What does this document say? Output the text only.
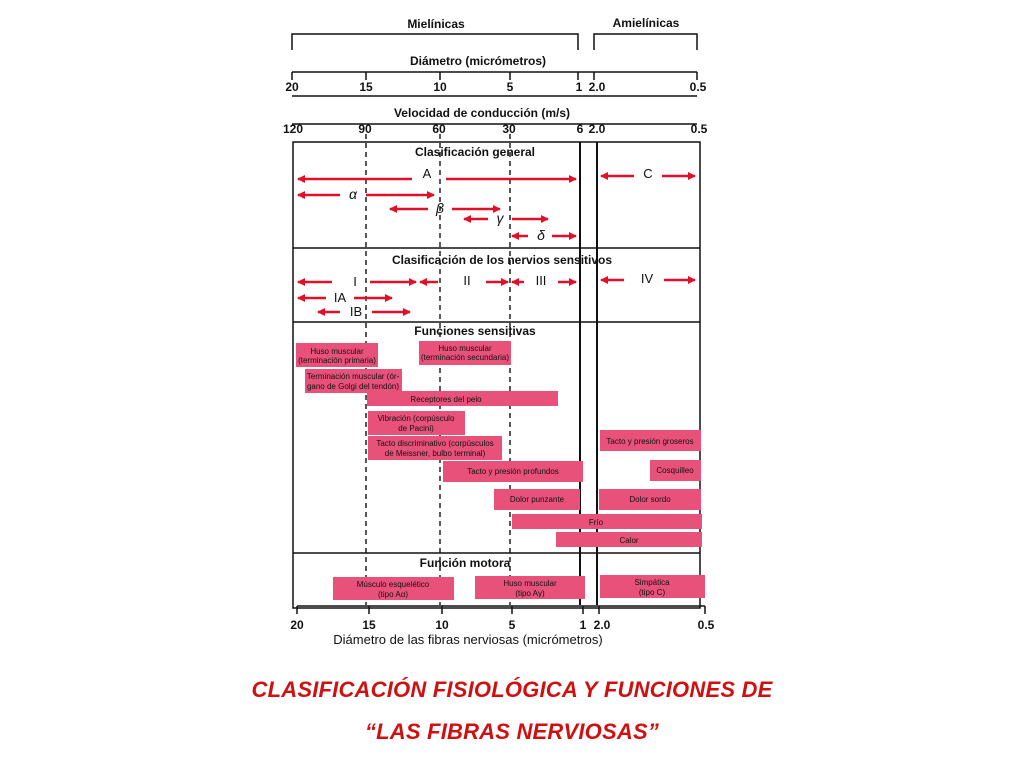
Mielínicas	Amielínicas
Diámetro (micrómetros)
20	15	10	5	1 2.0	0.5
Velocidad de conducción (m/s)
120	90	60	30	6 2.0	0.5
Clasificación general
A	C
α
β
γ
δ
Clasificación de los nervios sensitivos
I	II	III	IV
IA
IB
Funciones sensitivas
Huso muscular
(terminación primaria)
Huso muscular
(terminación secundaria)
Terminación muscular (ór-
gano de Golgi del tendón)
Receptores del pelo
Vibración (corpúsculo
de Pacini)
Tacto discriminativo (corpúsculos
de Meissner, bulbo terminal)
Tacto y presión groseros
Tacto y presión profundos	Cosquilleo
Dolor punzante	Dolor sordo
Frío
Calor
Función motora
Músculo esquelético
(tipo Aα)
Huso muscular
(tipo Aγ)
Simpática
(tipo C)
20	15	10	5	1 2.0	0.5
Diámetro de las fibras nerviosas (micrómetros)
CLASIFICACIÓN FISIOLÓGICA Y FUNCIONES DE
“LAS FIBRAS NERVIOSAS”
